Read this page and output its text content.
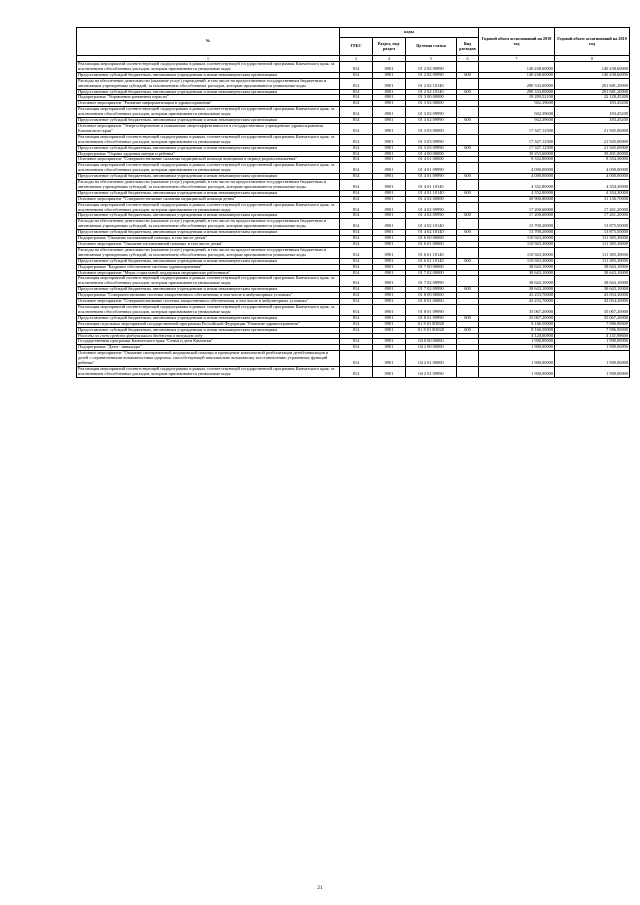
№	коды				Годовой объем ассигнований на 2018 год	Годовой объем ассигнований на 2019 год
	ГРБС	Раздел, под-раздел	Целевая статья	Вид расходов		
1	3	4	5	6	7	8
Реализация мероприятий соответствующей подпрограммы в рамках соответствующей государственной программы Камчатского края, за исключением обособленных расходов, которым присваиваются уникальные коды	814	0901	01 2 02 09990		140 438,60000	140 438,60000
Предоставление субсидий бюджетным, автономным учреждениям и иным некоммерческим организациям	814	0901	01 2 02 09990	600	140 438,60000	140 438,60000
Расходы на обеспечение деятельности (оказание услуг) учреждений, в том числе на предоставление государственным бюджетным и автономным учреждениям субсидий, за исключением обособленных расходов, которым присваиваются уникальные коды	814	0901	01 2 02 10140		290 333,00000	291 681,20000
Предоставление субсидий бюджетным, автономным учреждениям и иным некоммерческим организациям	814	0901	01 2 02 10140	600	290 333,00000	291 681,20000
Подпрограмма "Управление развитием отрасли"	814	0901	01 3 00 00000		18 289,52100	22 128,45200
Основное мероприятие "Развитие информатизации в здравоохранении"	814	0901	01 3 02 00000		942,39600	183,45200
Реализация мероприятий соответствующей подпрограммы в рамках соответствующей государственной программы Камчатского края, за исключением обособленных расходов, которым присваиваются уникальные коды	814	0901	01 3 02 09990		942,39600	183,45200
Предоставление субсидий бюджетным, автономным учреждениям и иным некоммерческим организациям	814	0901	01 3 02 09990	600	942,39600	183,45200
Основное мероприятие "Энергосбережение и повышение энергоэффективности в государственных учреждениях здравоохранения Камчатского края"	814	0901	01 3 03 00000		17 347,12500	21 945,00000
Реализация мероприятий соответствующей подпрограммы в рамках соответствующей государственной программы Камчатского края, за исключением обособленных расходов, которым присваиваются уникальные коды	814	0901	01 3 03 09990		17 347,12500	21 945,00000
Предоставление субсидий бюджетным, автономным учреждениям и иным некоммерческим организациям	814	0901	01 3 03 09990	600	17 347,12500	21 945,00000
Подпрограмма "Охрана здоровья матери и ребенка"	814	0901	01 4 00 00000		39 253,60000	39 491,00000
Основное мероприятие "Совершенствование оказания медицинской помощи женщинам в период родовспоможения"	814	0901	01 4 01 00000		8 352,80000	8 354,30000
Реализация мероприятий соответствующей подпрограммы в рамках соответствующей государственной программы Камчатского края, за исключением обособленных расходов, которым присваиваются уникальные коды	814	0901	01 4 01 09990		4 000,00000	4 000,00000
Предоставление субсидий бюджетным, автономным учреждениям и иным некоммерческим организациям	814	0901	01 4 01 09990	600	4 000,00000	4 000,00000
Расходы на обеспечение деятельности (оказание услуг) учреждений, в том числе на предоставление государственным бюджетным и автономным учреждениям субсидий, за исключением обособленных расходов, которым присваиваются уникальные коды	814	0901	01 4 01 10140		4 352,80000	4 354,30000
Предоставление субсидий бюджетным, автономным учреждениям и иным некоммерческим организациям	814	0901	01 4 01 10140	600	4 352,80000	4 354,30000
Основное мероприятие "Совершенствование оказания медицинской помощи детям"	814	0901	01 4 02 00000		30 900,80000	31 136,70000
Реализация мероприятий соответствующей подпрограммы в рамках соответствующей государственной программы Камчатского края, за исключением обособленных расходов, которым присваиваются уникальные коды	814	0901	01 4 02 09990		17 200,60000	17 261,20000
Предоставление субсидий бюджетным, автономным учреждениям и иным некоммерческим организациям	814	0901	01 4 02 09990	600	17 200,60000	17 261,20000
Расходы на обеспечение деятельности (оказание услуг) учреждений, в том числе на предоставление государственным бюджетным и автономным учреждениям субсидий, за исключением обособленных расходов, которым присваиваются уникальные коды	814	0901	01 4 02 10140		13 700,20000	13 875,50000
Предоставление субсидий бюджетным, автономным учреждениям и иным некоммерческим организациям	814	0901	01 4 02 10140	600	13 700,20000	13 875,50000
Подпрограмма "Оказание паллиативной помощи, в том числе детям"	814	0901	01 6 00 00000		110 943,30000	111 385,30000
Основное мероприятие "Оказание паллиативной помощи, в том числе детям"	814	0901	01 6 01 00000		110 943,30000	111 385,30000
Расходы на обеспечение деятельности (оказание услуг) учреждений, в том числе на предоставление государственным бюджетным и автономным учреждениям субсидий, за исключением обособленных расходов, которым присваиваются уникальные коды	814	0901	01 6 01 10140		110 943,30000	111 385,30000
Предоставление субсидий бюджетным, автономным учреждениям и иным некоммерческим организациям	814	0901	01 6 01 10140	600	110 943,30000	111 385,30000
Подпрограмма "Кадровое обеспечение системы здравоохранения"	814	0901	01 7 00 00000		38 643,10000	38 643,10000
Основное мероприятие "Меры социальной поддержки медицинских работников"	814	0901	01 7 02 00000		38 643,10000	38 643,10000
Реализация мероприятий соответствующей подпрограммы в рамках соответствующей государственной программы Камчатского края, за исключением обособленных расходов, которым присваиваются уникальные коды	814	0901	01 7 02 09990		38 643,10000	38 643,10000
Предоставление субсидий бюджетным, автономным учреждениям и иным некоммерческим организациям	814	0901	01 7 02 09990	600	38 643,10000	38 643,10000
Подпрограмма "Совершенствование системы лекарственного обеспечения, в том числе в амбулаторных условиях"	814	0901	01 8 00 00000		43 233,70000	43 054,30000
Основное мероприятие "Совершенствование системы лекарственного обеспечения, в том числе в амбулаторных условиях"	814	0901	01 8 01 00000		43 233,70000	43 054,30000
Реализация мероприятий соответствующей подпрограммы в рамках соответствующей государственной программы Камчатского края, за исключением обособленных расходов, которым присваиваются уникальные коды	814	0901	01 8 01 09990		35 067,20000	35 067,20000
Предоставление субсидий бюджетным, автономным учреждениям и иным некоммерческим организациям	814	0901	01 8 01 09990	600	35 067,20000	35 067,20000
Реализация отдельных мероприятий государственной программы Российской Федерации "Развитие здравоохранения"	814	0901	01 8 01 R3820		8 166,50000	7 986,90000
Предоставление субсидий бюджетным, автономным учреждениям и иным некоммерческим организациям	814	0901	01 8 01 R3820	600	8 166,50000	7 986,90000
Расходы за счет средств федерального бюджета в текущем году					4 124,00900	4 151,98600
Государственная программа Камчатского края "Семья и дети Камчатки"	814	0901	04 0 00 00000		1 900,00000	1 900,00000
Подпрограмма "Дети - инвалиды"	814	0901	04 2 00 00000		1 900,00000	1 900,00000
Основное мероприятие "Оказание своевременной медицинской помощи и проведение комплексной реабилитации детей-инвалидов и детей с ограниченными возможностями здоровья, способствующей максимально возможному восстановлению утраченных функций ребенка"	814	0901	04 2 01 00000		1 900,00000	1 900,00000
Реализация мероприятий соответствующей подпрограммы в рамках соответствующей государственной программы Камчатского края, за исключением обособленных расходов, которым присваиваются уникальные коды	814	0901	04 2 01 09990		1 900,00000	1 900,00000
21
